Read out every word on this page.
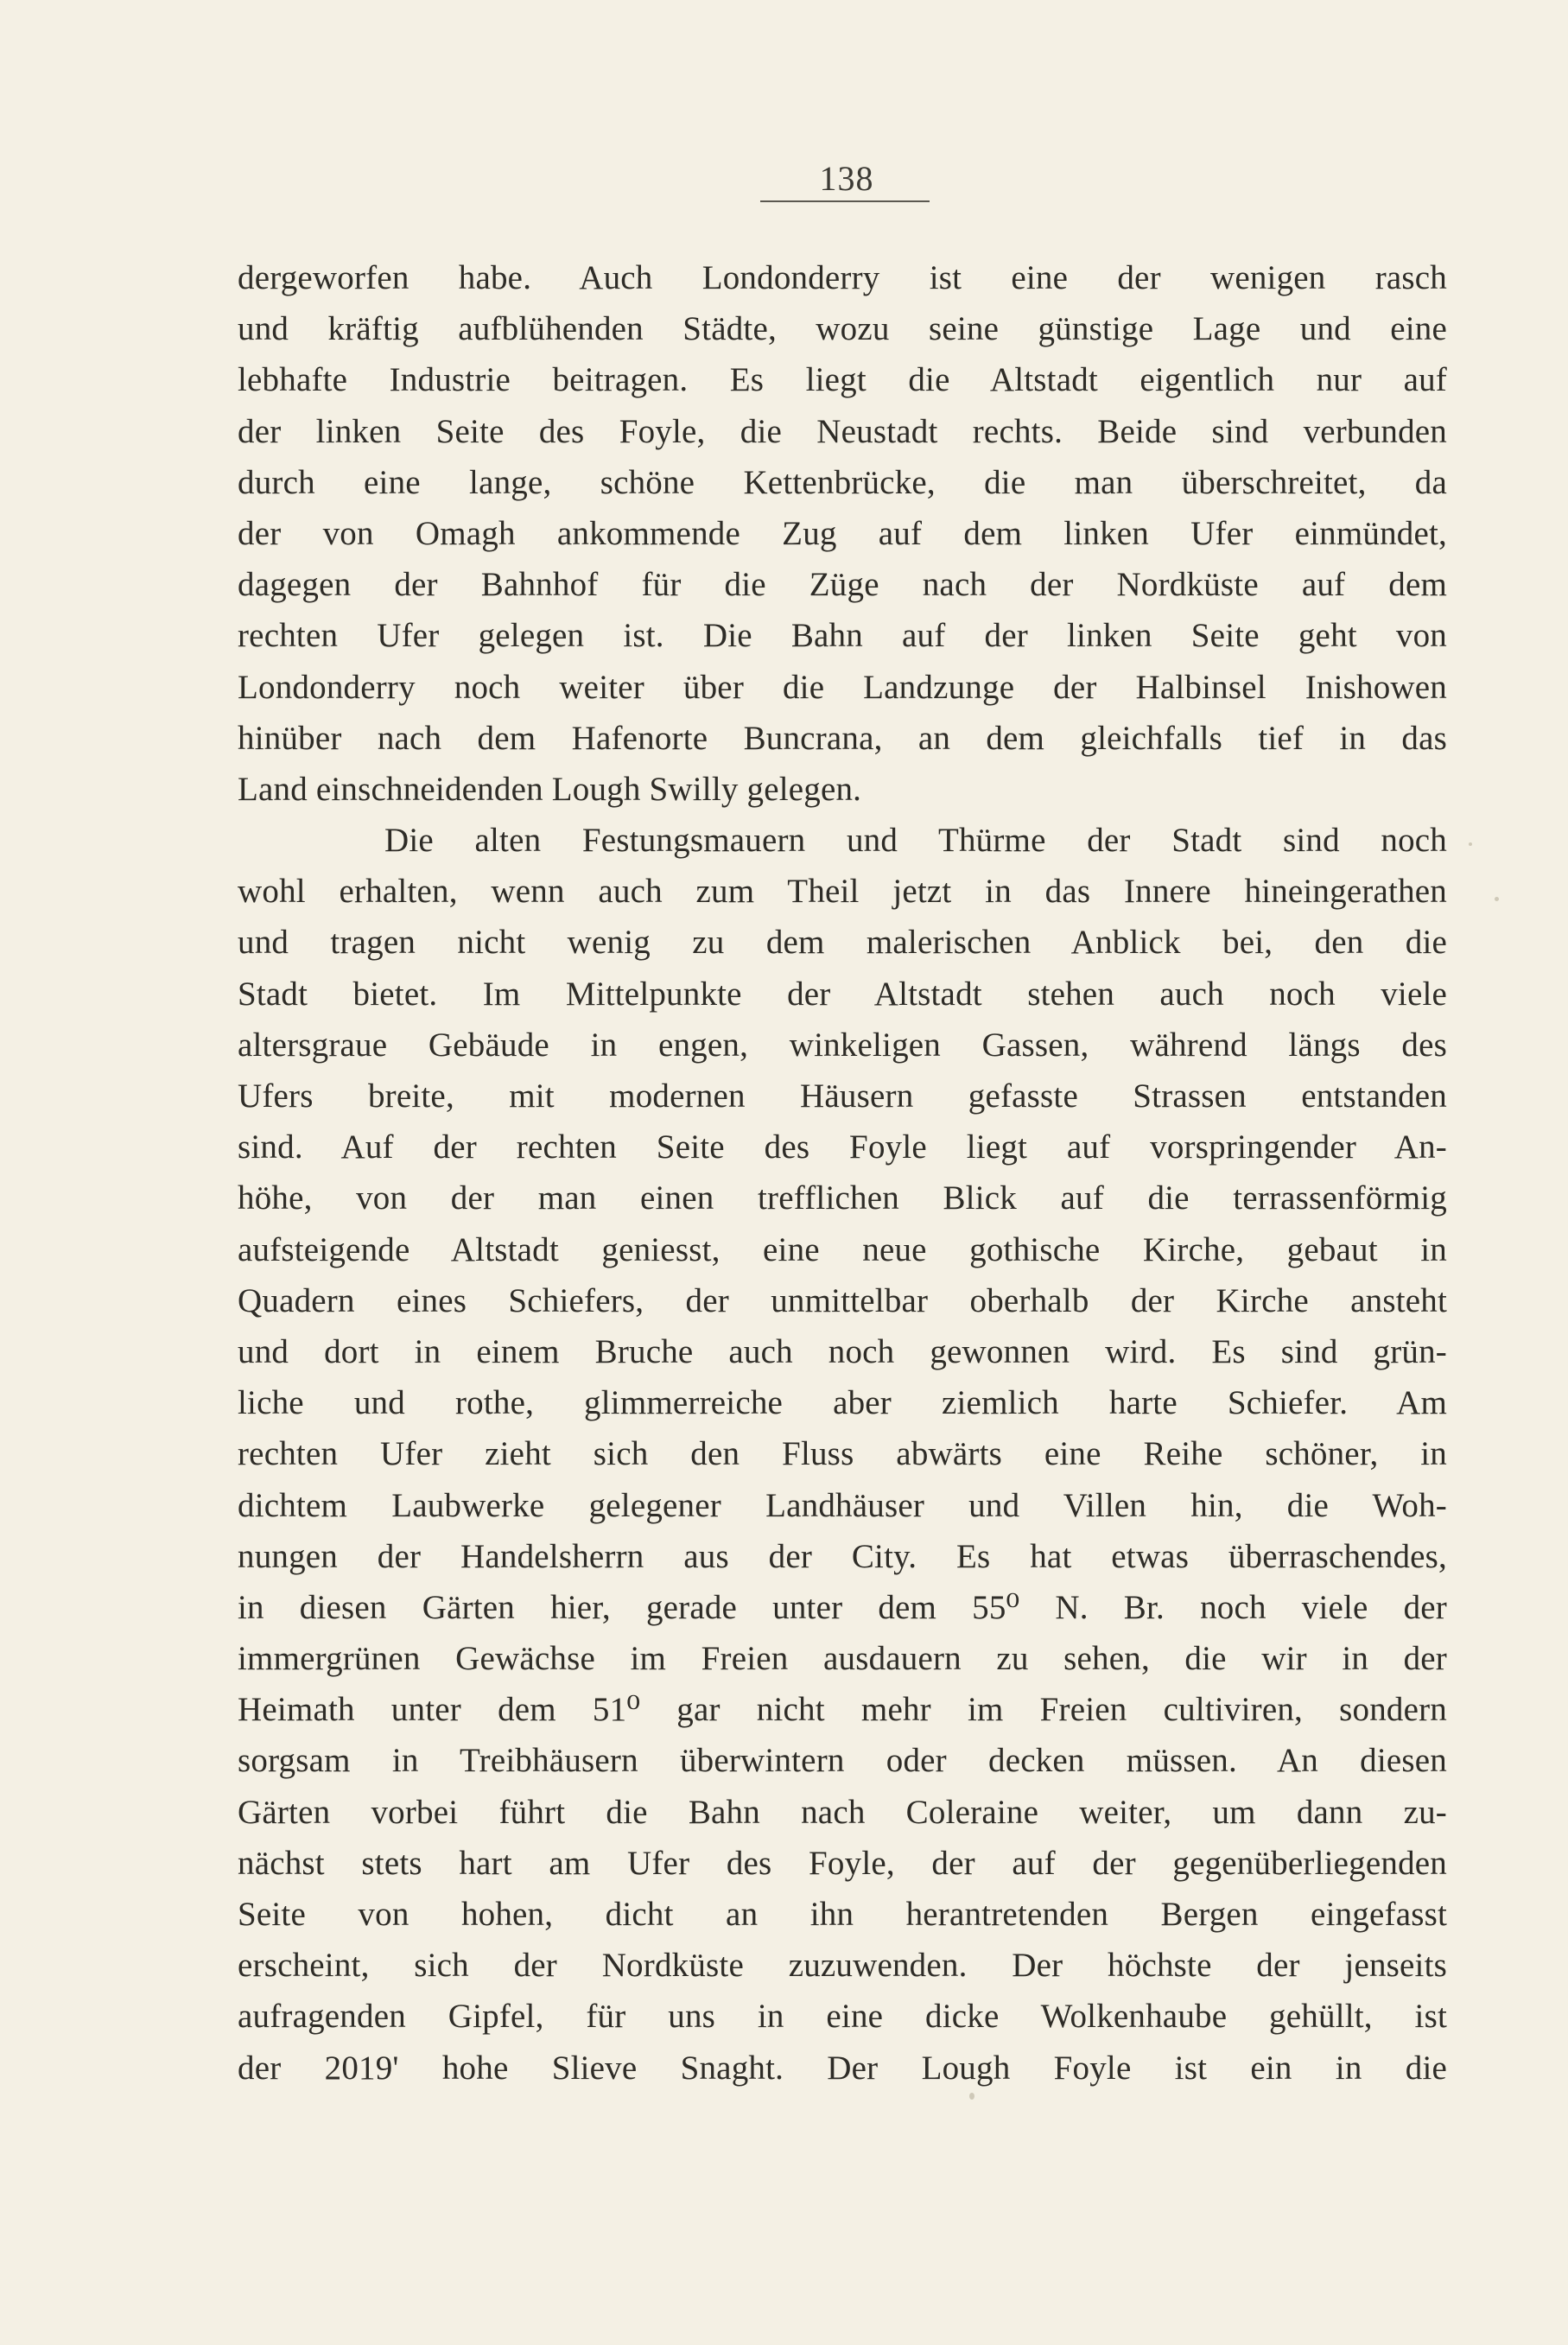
138
dergeworfen habe. Auch Londonderry ist eine der wenigen rasch
und kräftig aufblühenden Städte, wozu seine günstige Lage und eine
lebhafte Industrie beitragen. Es liegt die Altstadt eigentlich nur auf
der linken Seite des Foyle, die Neustadt rechts. Beide sind verbunden
durch eine lange, schöne Kettenbrücke, die man überschreitet, da
der von Omagh ankommende Zug auf dem linken Ufer einmündet,
dagegen der Bahnhof für die Züge nach der Nordküste auf dem
rechten Ufer gelegen ist. Die Bahn auf der linken Seite geht von
Londonderry noch weiter über die Landzunge der Halbinsel Inishowen
hinüber nach dem Hafenorte Buncrana, an dem gleichfalls tief in das
Land einschneidenden Lough Swilly gelegen.
Die alten Festungsmauern und Thürme der Stadt sind noch
wohl erhalten, wenn auch zum Theil jetzt in das Innere hineingerathen
und tragen nicht wenig zu dem malerischen Anblick bei, den die
Stadt bietet. Im Mittelpunkte der Altstadt stehen auch noch viele
altersgraue Gebäude in engen, winkeligen Gassen, während längs des
Ufers breite, mit modernen Häusern gefasste Strassen entstanden
sind. Auf der rechten Seite des Foyle liegt auf vorspringender An-
höhe, von der man einen trefflichen Blick auf die terrassenförmig
aufsteigende Altstadt geniesst, eine neue gothische Kirche, gebaut in
Quadern eines Schiefers, der unmittelbar oberhalb der Kirche ansteht
und dort in einem Bruche auch noch gewonnen wird. Es sind grün-
liche und rothe, glimmerreiche aber ziemlich harte Schiefer. Am
rechten Ufer zieht sich den Fluss abwärts eine Reihe schöner, in
dichtem Laubwerke gelegener Landhäuser und Villen hin, die Woh-
nungen der Handelsherrn aus der City. Es hat etwas überraschendes,
in diesen Gärten hier, gerade unter dem 55⁰ N. Br. noch viele der
immergrünen Gewächse im Freien ausdauern zu sehen, die wir in der
Heimath unter dem 51⁰ gar nicht mehr im Freien cultiviren, sondern
sorgsam in Treibhäusern überwintern oder decken müssen. An diesen
Gärten vorbei führt die Bahn nach Coleraine weiter, um dann zu-
nächst stets hart am Ufer des Foyle, der auf der gegenüberliegenden
Seite von hohen, dicht an ihn herantretenden Bergen eingefasst
erscheint, sich der Nordküste zuzuwenden. Der höchste der jenseits
aufragenden Gipfel, für uns in eine dicke Wolkenhaube gehüllt, ist
der 2019' hohe Slieve Snaght. Der Lough Foyle ist ein in die
